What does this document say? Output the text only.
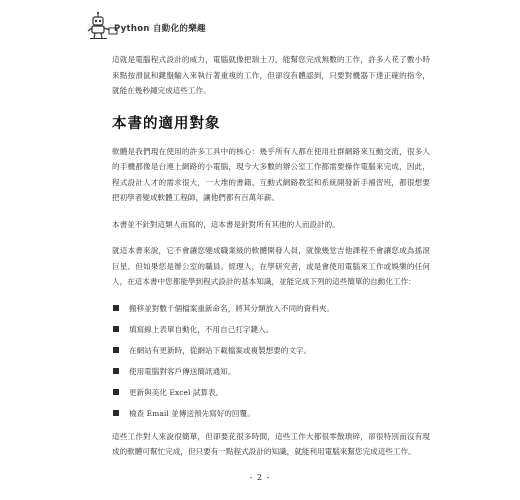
Python 自動化的樂趣

這就是電腦程式設計的威力，電腦就像把瑞士刀，能幫您完成無數的工作，許多人花了數小時來點按滑鼠和鍵盤輸入來執行著重複的工作，但卻沒有體認到，只要對機器下達正確的指令，就能在幾秒鐘完成這些工作。

本書的適用對象

軟體是我們現在使用的許多工具中的核心：幾乎所有人都在使用社群網路來互動交流，很多人的手機都像是台連上網路的小電腦，現今大多數的辦公室工作都需要操作電腦來完成，因此，程式設計人才的需求很大，一大堆的書籍、互動式網路教室和系統開發新手補習班，都很想要把初學者變成軟體工程師，讓他們都有百萬年薪。

本書並不針對這類人而寫的，這本書是針對所有其他的人而設計的。

就這本書來說，它不會讓您變成職業級的軟體開發人員，就像幾堂吉他課程不會讓您成為搖滾巨星。但如果您是辦公室的職員、經理人，在學研究者，或是會使用電腦來工作或娛樂的任何人，在這本書中您都能學到程式設計的基本知識，並能完成下列的這些簡單的自動化工作：

搬移並對數千個檔案重新命名，將其分類放入不同的資料夾。
填寫線上表單自動化，不用自己打字鍵入。
在網站有更新時，從網站下載檔案或複製想要的文字。
使用電腦對客戶傳送簡訊通知。
更新與美化 Excel 試算表。
檢查 Email 並傳送預先寫好的回覆。

這些工作對人來說很簡單，但卻要花很多時間，這些工作大都很零散瑣碎，卻很特別而沒有現成的軟體可幫忙完成，但只要有一點程式設計的知識，就能利用電腦來幫您完成這些工作。

- 2 -
